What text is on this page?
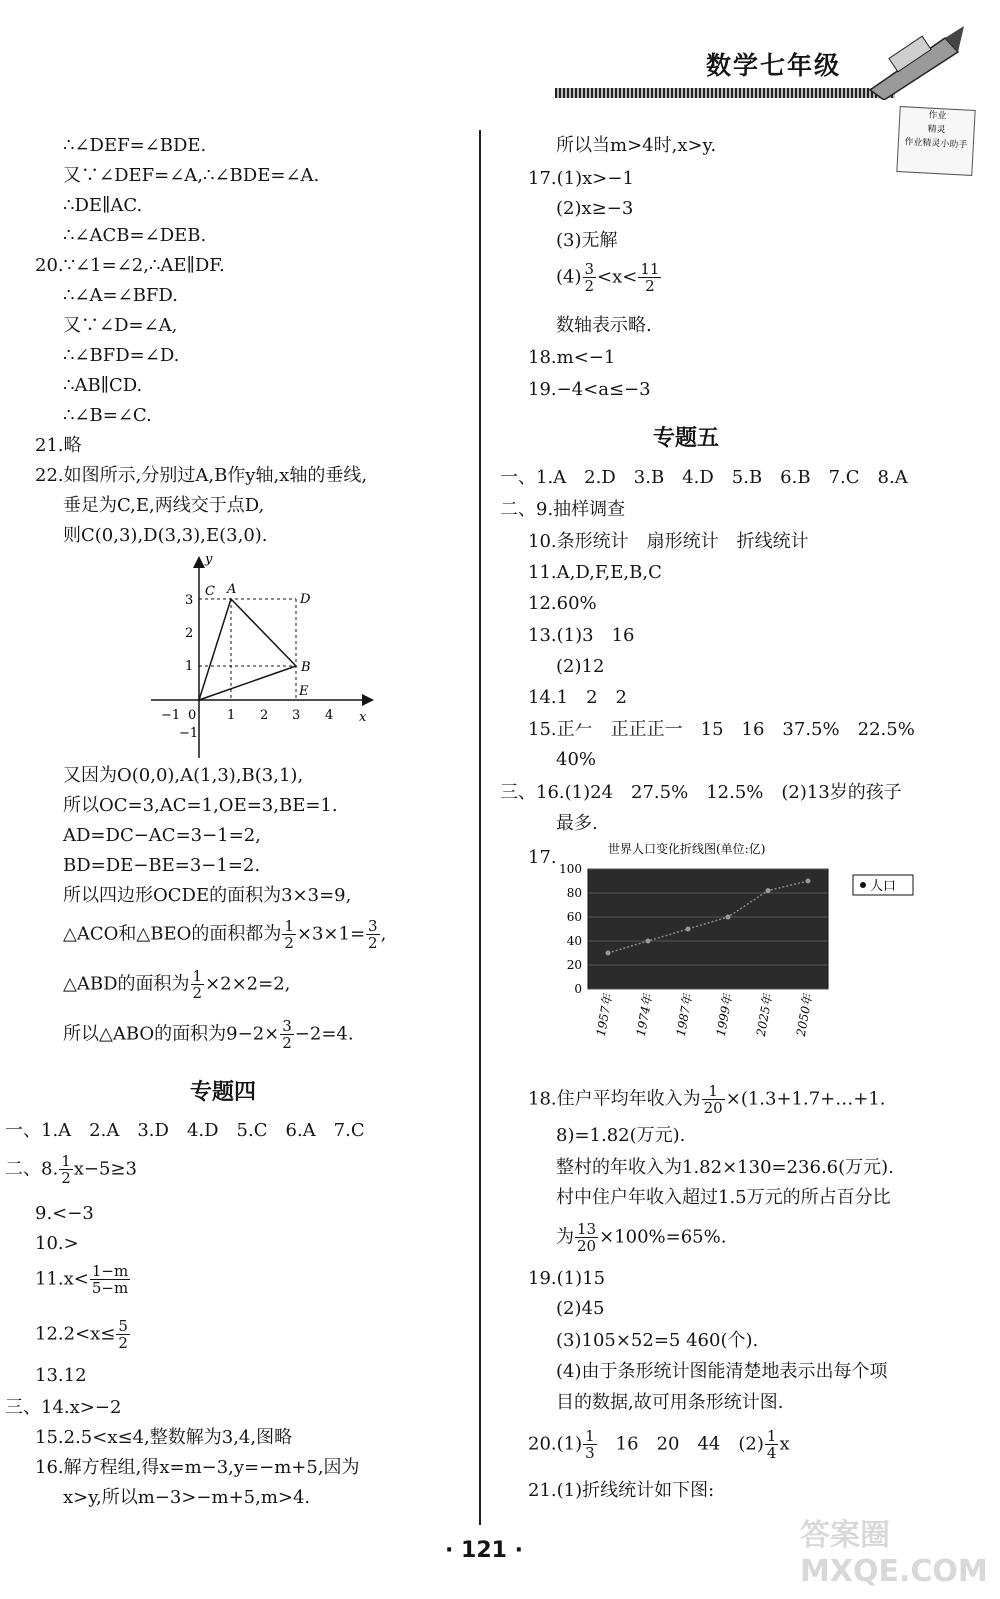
数学七年级
作业
精灵
作业精灵小助手
∴∠DEF=∠BDE.
又∵∠DEF=∠A,∴∠BDE=∠A.
∴DE∥AC.
∴∠ACB=∠DEB.
20.∵∠1=∠2,∴AE∥DF.
∴∠A=∠BFD.
又∵∠D=∠A,
∴∠BFD=∠D.
∴AB∥CD.
∴∠B=∠C.
21.略
22.如图所示,分别过A,B作y轴,x轴的垂线,
垂足为C,E,两线交于点D,
则C(0,3),D(3,3),E(3,0).
C A
D
B
E
y
x
0
−1	1 2 3 4
3
2
1
−1
又因为O(0,0),A(1,3),B(3,1),
所以OC=3,AC=1,OE=3,BE=1.
AD=DC−AC=3−1=2,
BD=DE−BE=3−1=2.
所以四边形OCDE的面积为3×3=9,
△ACO和△BEO的面积都为 $\frac{1}{2} \times 3\times 1= \frac{3}{2}$ ,
△ABD的面积为 $\frac{1}{2} \times 2\times 2=2$,
所以△ABO的面积为$9-2\times \frac{3}{2} -2=4$.
专题四
一、1.A　2.A　3.D　4.D　5.C　6.A　7.C
二、8. $\frac{1}{2} x-5\ge 3$
9.<−3
10.>
$11.x< \frac{1-m}{5-m}$
$12.2<x\le \frac{5}{2}$
13.12
三、14.x>−2
15.2.5<x≤4,整数解为3,4,图略
16.解方程组,得x=m−3,y=−m+5,因为
x>y,所以m−3>−m+5,m>4.
所以当m>4时,x>y.
17.(1)x>−1
(2)x≥−3
(3)无解
$(4) \frac{3}{2} <x< \frac{11}{2}$
数轴表示略.
18.m<−1
19.−4<a≤−3
专题五
一、1.A　2.D　3.B　4.D　5.B　6.B　7.C　8.A
二、9.抽样调查
10.条形统计　扇形统计　折线统计
11.A,D,F,E,B,C
12.60%
13.(1)3　16
(2)12
14.1　2　2
15.正𠂉　正正正一　15　16　37.5%　22.5%
40%
三、16.(1)24　27.5%　12.5%　(2)13岁的孩子
最多.
17.	世界人口变化折线图(单位:亿)
0
20
40
60
80
100
1957年 1974年 1987年 1999年 2025年 2050年
人口
18.住户平均年收入为 $\frac{1}{20}$ ×(1.3+1.7+…+1.
8)=1.82(万元).
整村的年收入为1.82×130=236.6(万元).
村中住户年收入超过1.5万元的所占百分比
为 $\frac{13}{20} \times 100\%=65\%$.
19.(1)15
(2)45
(3)105×52=5 460(个).
(4)由于条形统计图能清楚地表示出每个项
目的数据,故可用条形统计图.
$20.(1) \frac{1}{3}$ 　16　20　44　$(2) \frac{1}{4}$ x
21.(1)折线统计如下图:
· 121 ·	答案圈 MXQE.COM
